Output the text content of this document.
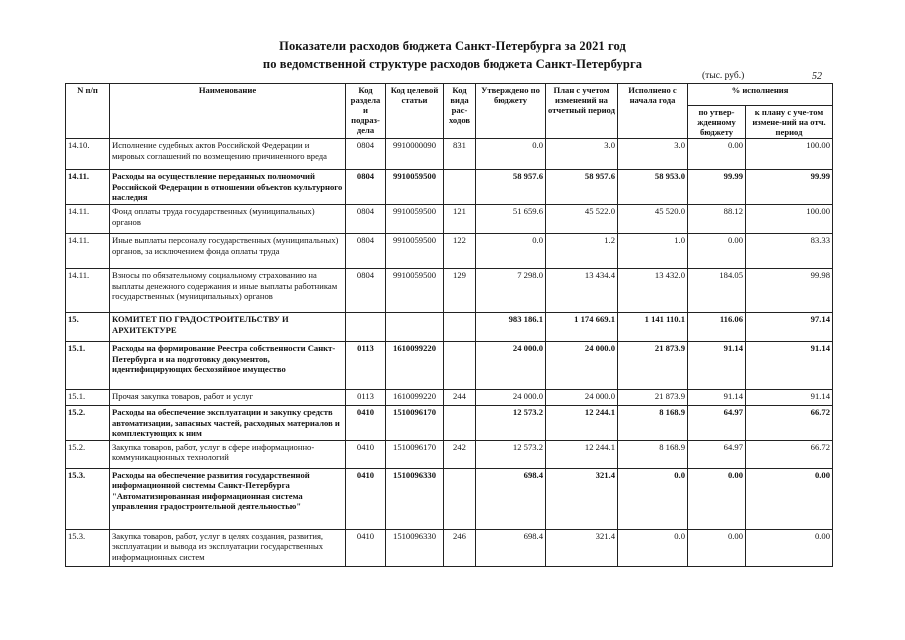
Показатели расходов бюджета Санкт-Петербурга за 2021 год
по ведомственной структуре расходов бюджета Санкт-Петербурга
(тыс. руб.)	52
N п/п	Наименование	Код раздела и подраз-дела	Код целевой статьи	Код вида рас-ходов	Утверждено по бюджету	План с учетом изменений на отчетный период	Исполнено с начала года	% исполнения	
								по утвер-жденному бюджету	к плану с уче-том измене-ний на отч. период
14.10.	Исполнение судебных актов Российской Федерации и мировых соглашений по возмещению причиненного вреда	0804	9910000090	831	0.0	3.0	3.0	0.00	100.00
14.11.	Расходы на осуществление переданных полномочий Российской Федерации в отношении объектов культурного наследия	0804	9910059500		58 957.6	58 957.6	58 953.0	99.99	99.99
14.11.	Фонд оплаты труда государственных (муниципальных) органов	0804	9910059500	121	51 659.6	45 522.0	45 520.0	88.12	100.00
14.11.	Иные выплаты персоналу государственных (муниципальных) органов, за исключением фонда оплаты труда	0804	9910059500	122	0.0	1.2	1.0	0.00	83.33
14.11.	Взносы по обязательному социальному страхованию на выплаты денежного содержания и иные выплаты работникам государственных (муниципальных) органов	0804	9910059500	129	7 298.0	13 434.4	13 432.0	184.05	99.98
15.	КОМИТЕТ ПО ГРАДОСТРОИТЕЛЬСТВУ И АРХИТЕКТУРЕ				983 186.1	1 174 669.1	1 141 110.1	116.06	97.14
15.1.	Расходы на формирование Реестра собственности Санкт-Петербурга и на подготовку документов, идентифицирующих бесхозяйное имущество	0113	1610099220		24 000.0	24 000.0	21 873.9	91.14	91.14
15.1.	Прочая закупка товаров, работ и услуг	0113	1610099220	244	24 000.0	24 000.0	21 873.9	91.14	91.14
15.2.	Расходы на обеспечение эксплуатации и закупку средств автоматизации, запасных частей, расходных материалов и комплектующих к ним	0410	1510096170		12 573.2	12 244.1	8 168.9	64.97	66.72
15.2.	Закупка товаров, работ, услуг в сфере информационно-коммуникационных технологий	0410	1510096170	242	12 573.2	12 244.1	8 168.9	64.97	66.72
15.3.	Расходы на обеспечение развития государственной информационной системы Санкт-Петербурга "Автоматизированная информационная система управления градостроительной деятельностью"	0410	1510096330		698.4	321.4	0.0	0.00	0.00
15.3.	Закупка товаров, работ, услуг в целях создания, развития, эксплуатации и вывода из эксплуатации государственных информационных систем	0410	1510096330	246	698.4	321.4	0.0	0.00	0.00
